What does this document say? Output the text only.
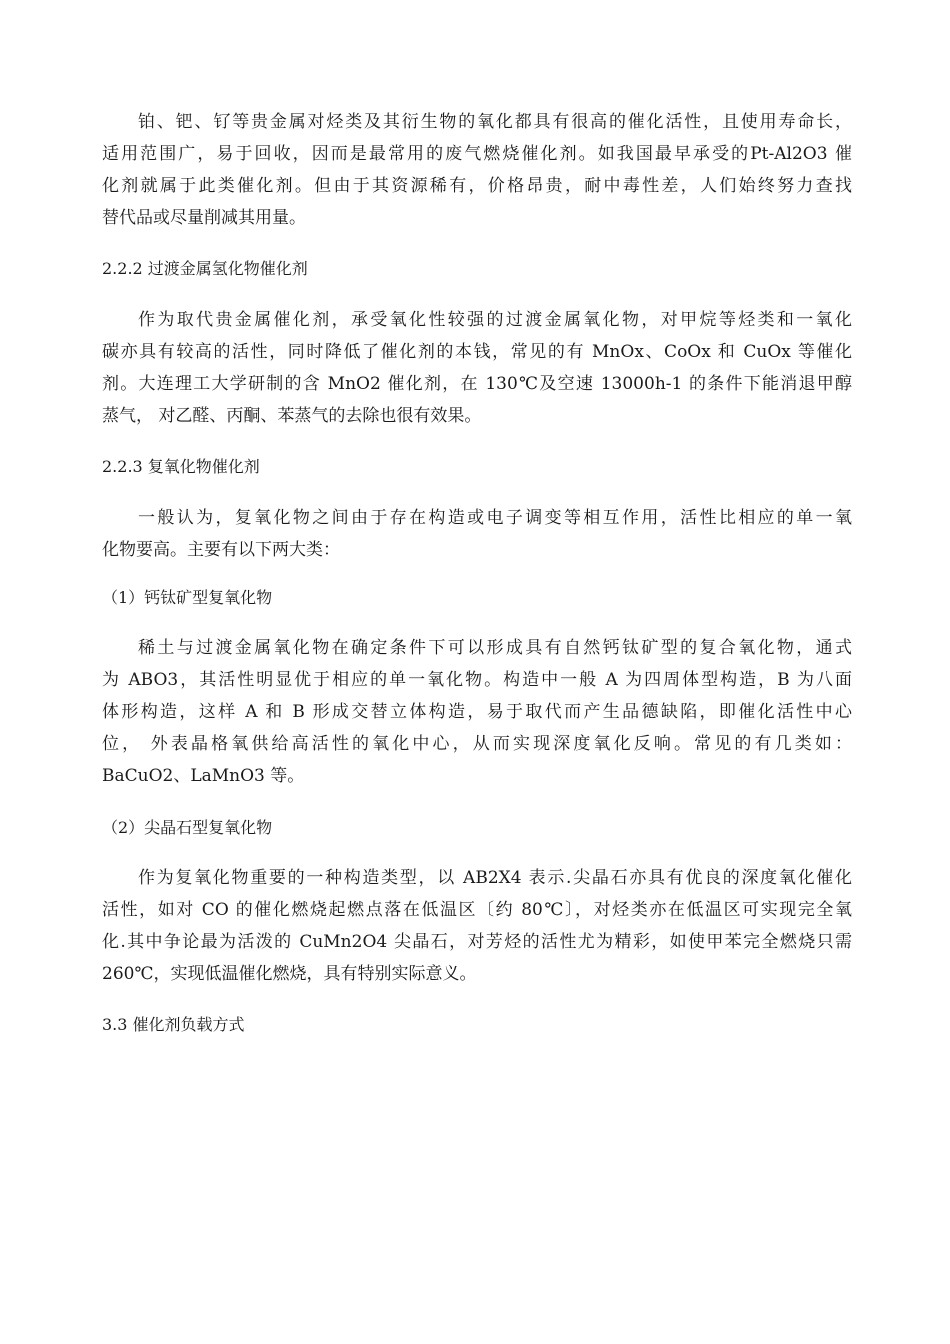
铂、钯、钌等贵金属对烃类及其衍生物的氧化都具有很高的催化活性，且使用寿命长，
适用范围广，易于回收，因而是最常用的废气燃烧催化剂。如我国最早承受的Pt-Al2O3 催
化剂就属于此类催化剂。但由于其资源稀有，价格昂贵，耐中毒性差，人们始终努力查找
替代品或尽量削减其用量。
2.2.2 过渡金属氢化物催化剂
作为取代贵金属催化剂，承受氧化性较强的过渡金属氧化物，对甲烷等烃类和一氧化
碳亦具有较高的活性，同时降低了催化剂的本钱，常见的有 MnOx、CoOx 和 CuOx 等催化
剂。大连理工大学研制的含 MnO2 催化剂，在 130℃及空速 13000h-1 的条件下能消退甲醇
蒸气， 对乙醛、丙酮、苯蒸气的去除也很有效果。
2.2.3 复氧化物催化剂
一般认为，复氧化物之间由于存在构造或电子调变等相互作用，活性比相应的单一氧
化物要高。主要有以下两大类：
（1）钙钛矿型复氧化物
稀土与过渡金属氧化物在确定条件下可以形成具有自然钙钛矿型的复合氧化物，通式
为 ABO3，其活性明显优于相应的单一氧化物。构造中一般 A 为四周体型构造，B 为八面
体形构造，这样 A 和 B 形成交替立体构造，易于取代而产生品德缺陷，即催化活性中心
位， 外表晶格氧供给高活性的氧化中心，从而实现深度氧化反响。常见的有几类如：
BaCuO2、LaMnO3 等。
（2）尖晶石型复氧化物
作为复氧化物重要的一种构造类型，以 AB2X4 表示.尖晶石亦具有优良的深度氧化催化
活性，如对 CO 的催化燃烧起燃点落在低温区〔约 80℃〕，对烃类亦在低温区可实现完全氧
化.其中争论最为活泼的 CuMn2O4 尖晶石，对芳烃的活性尤为精彩，如使甲苯完全燃烧只需
260℃，实现低温催化燃烧，具有特别实际意义。
3.3 催化剂负载方式
